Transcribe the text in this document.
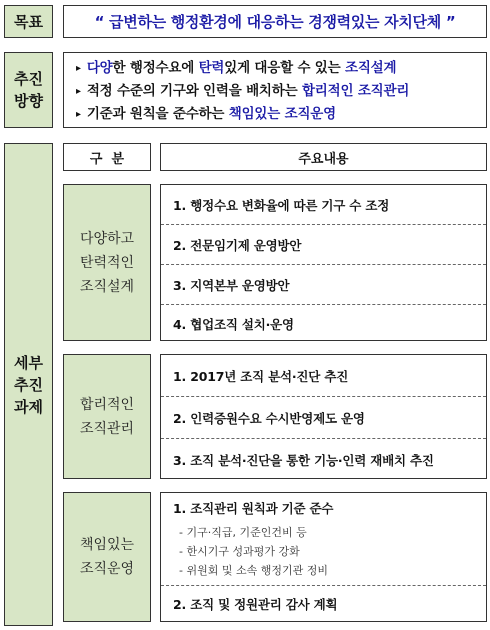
목표	“ 급변하는 행정환경에 대응하는 경쟁력있는 자치단체 ”
추진
방향
▸ 다양한 행정수요에 탄력있게 대응할 수 있는 조직설계
▸ 적정 수준의 기구와 인력을 배치하는 합리적인 조직관리
▸ 기준과 원칙을 준수하는 책임있는 조직운영
세부
추진
과제
구  분	주요내용
다양하고
탄력적인
조직설계
1. 행정수요 변화율에 따른 기구 수 조정
2. 전문임기제 운영방안
3. 지역본부 운영방안
4. 협업조직 설치·운영
합리적인
조직관리
1. 2017년 조직 분석·진단 추진
2. 인력증원수요 수시반영제도 운영
3. 조직 분석·진단을 통한 기능·인력 재배치 추진
책임있는
조직운영
1. 조직관리 원칙과 기준 준수
- 기구·직급, 기준인건비 등
- 한시기구 성과평가 강화
- 위원회 및 소속 행정기관 정비
2. 조직 및 정원관리 감사 계획
